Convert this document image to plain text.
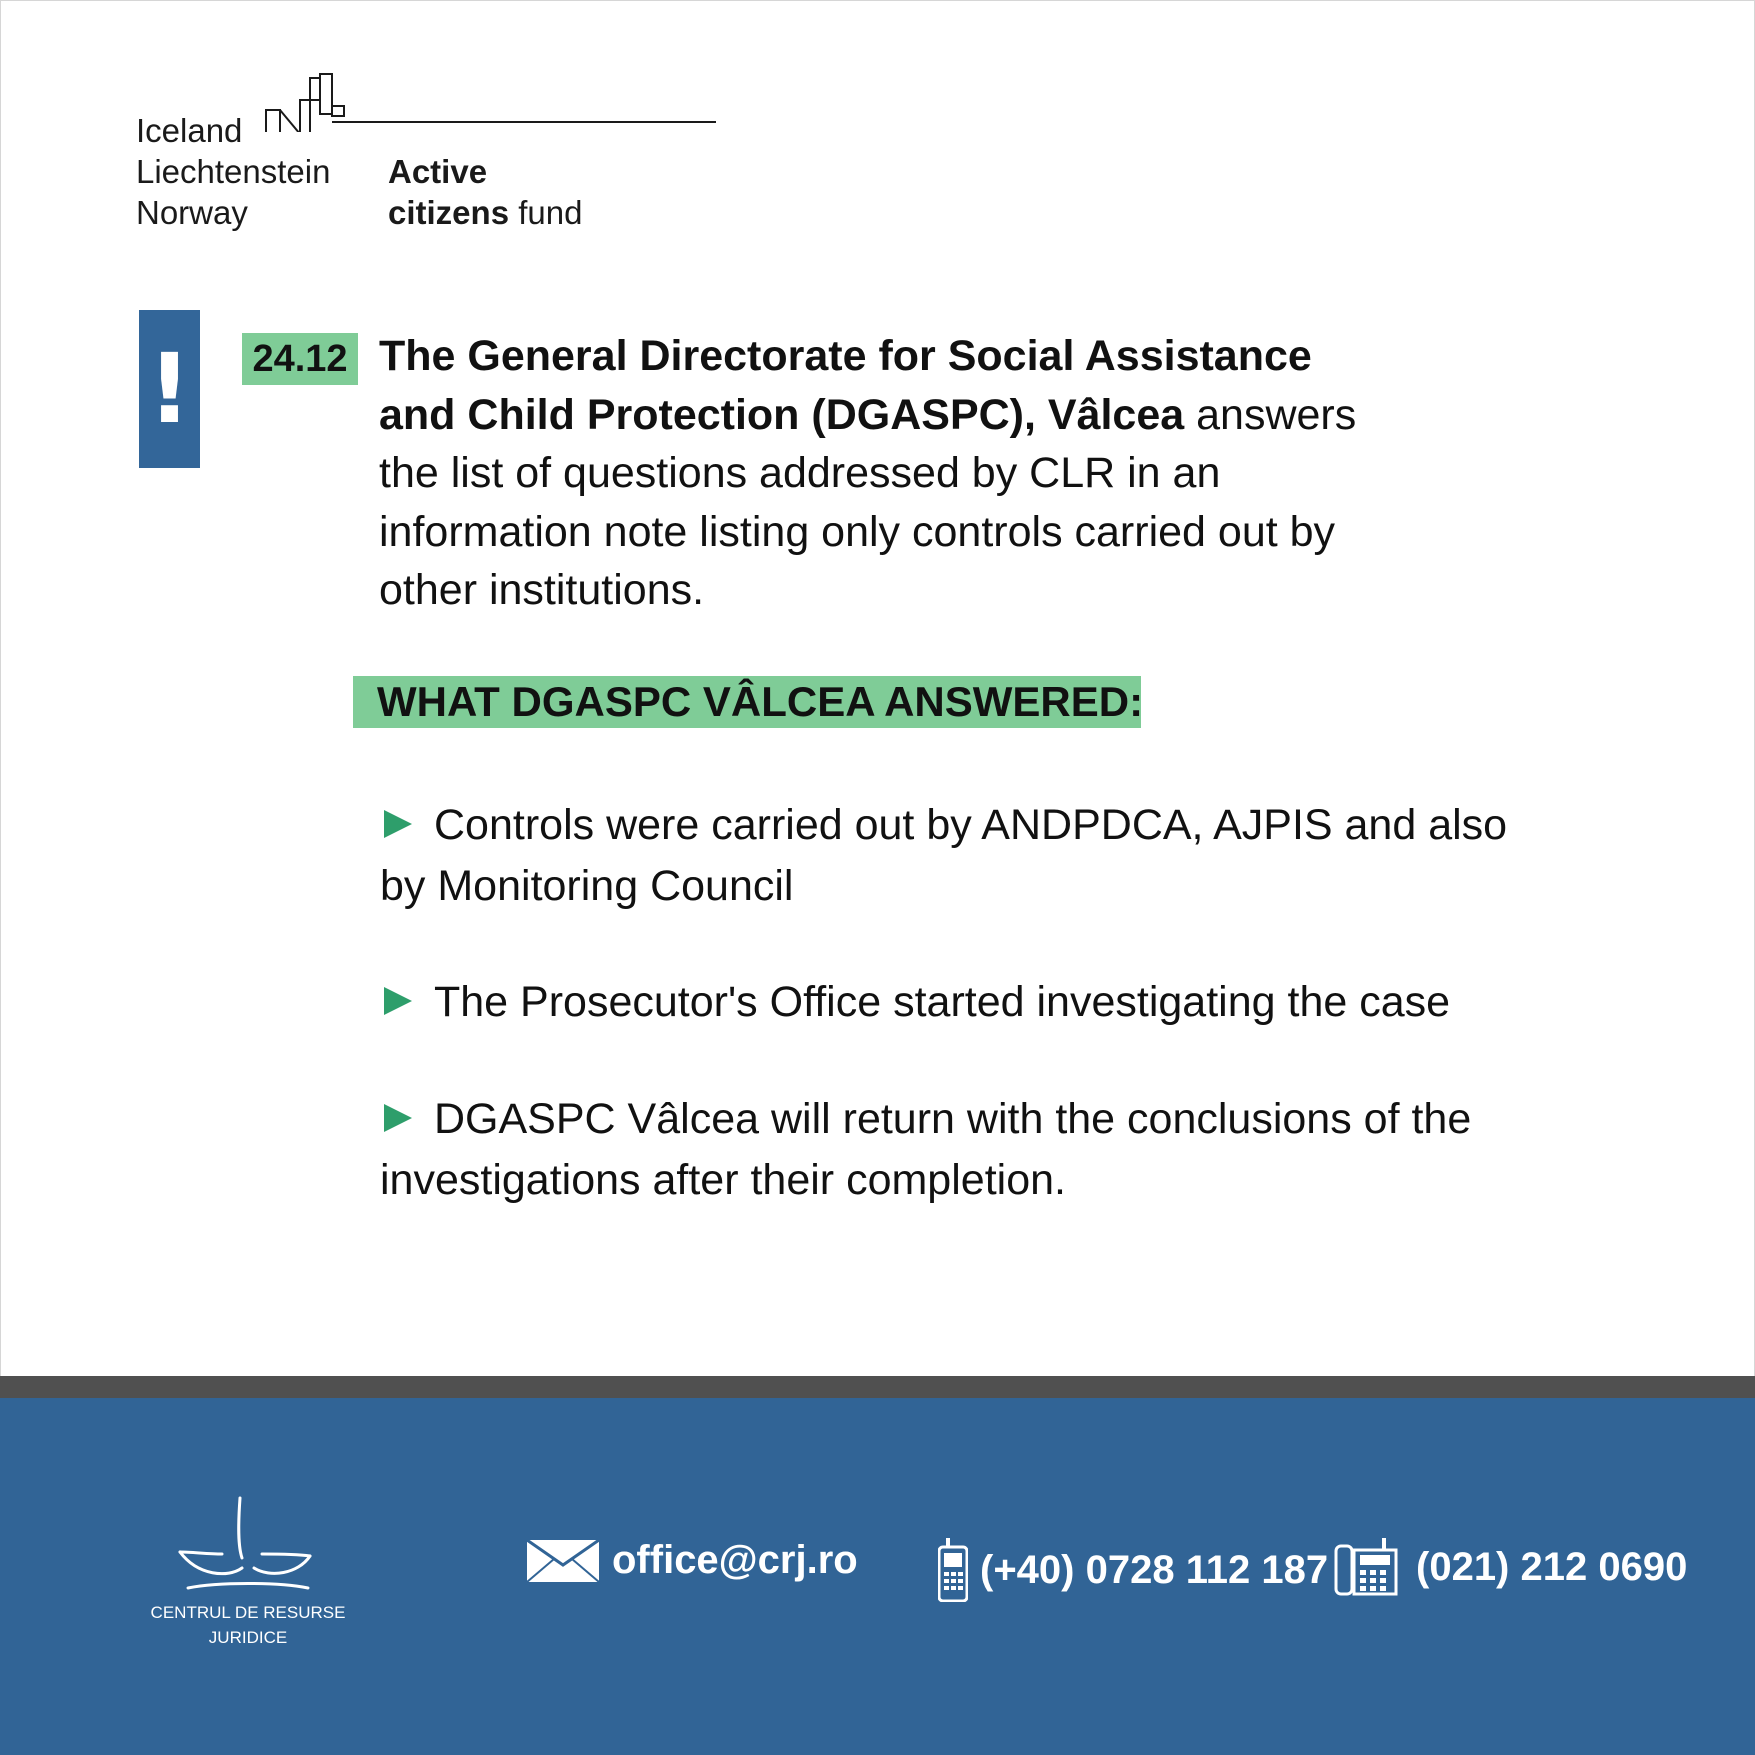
Iceland
Liechtenstein
Norway
Active
citizens fund
! 24.12 The General Directorate for Social Assistance and Child Protection (DGASPC), Vâlcea answers the list of questions addressed by CLR in an information note listing only controls carried out by other institutions.
WHAT DGASPC VÂLCEA ANSWERED:
Controls were carried out by ANDPDCA, AJPIS and also by Monitoring Council
The Prosecutor's Office started investigating the case
DGASPC Vâlcea will return with the conclusions of the investigations after their completion.
CENTRUL DE RESURSE
JURIDICE
office@crj.ro	(+40) 0728 112 187 (021) 212 0690
